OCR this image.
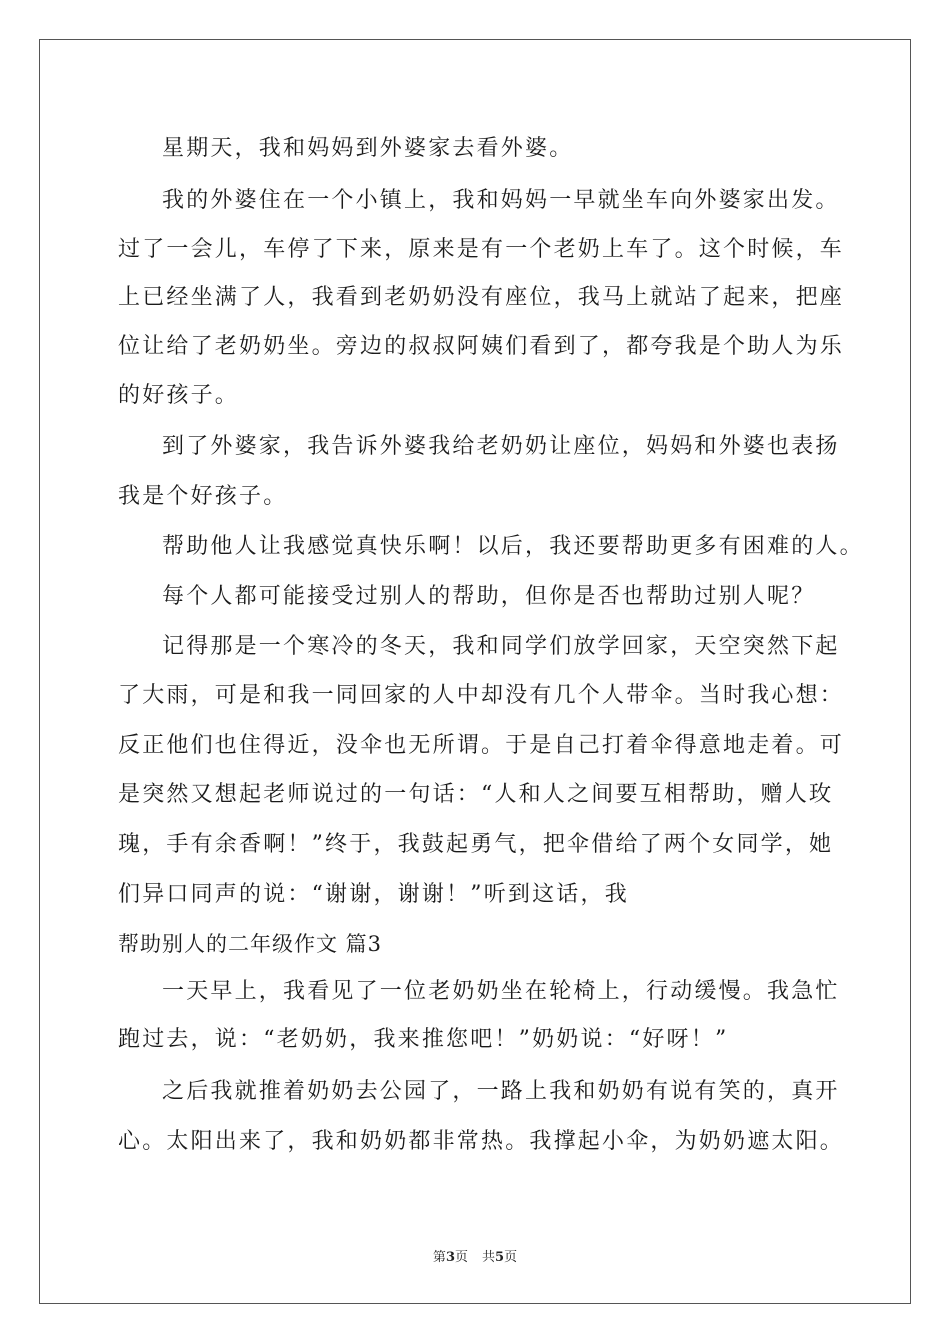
星期天，我和妈妈到外婆家去看外婆。
我的外婆住在一个小镇上，我和妈妈一早就坐车向外婆家出发。
过了一会儿，车停了下来，原来是有一个老奶上车了。这个时候，车
上已经坐满了人，我看到老奶奶没有座位，我马上就站了起来，把座
位让给了老奶奶坐。旁边的叔叔阿姨们看到了，都夸我是个助人为乐
的好孩子。
到了外婆家，我告诉外婆我给老奶奶让座位，妈妈和外婆也表扬
我是个好孩子。
帮助他人让我感觉真快乐啊！以后，我还要帮助更多有困难的人。
每个人都可能接受过别人的帮助，但你是否也帮助过别人呢？
记得那是一个寒冷的冬天，我和同学们放学回家，天空突然下起
了大雨，可是和我一同回家的人中却没有几个人带伞。当时我心想：
反正他们也住得近，没伞也无所谓。于是自己打着伞得意地走着。可
是突然又想起老师说过的一句话：“人和人之间要互相帮助，赠人玫
瑰，手有余香啊！”终于，我鼓起勇气，把伞借给了两个女同学，她
们异口同声的说：“谢谢，谢谢！”听到这话，我
帮助别人的二年级作文 篇3
一天早上，我看见了一位老奶奶坐在轮椅上，行动缓慢。我急忙
跑过去，说：“老奶奶，我来推您吧！”奶奶说：“好呀！”
之后我就推着奶奶去公园了，一路上我和奶奶有说有笑的，真开
心。太阳出来了，我和奶奶都非常热。我撑起小伞，为奶奶遮太阳。
第3页 共5页
